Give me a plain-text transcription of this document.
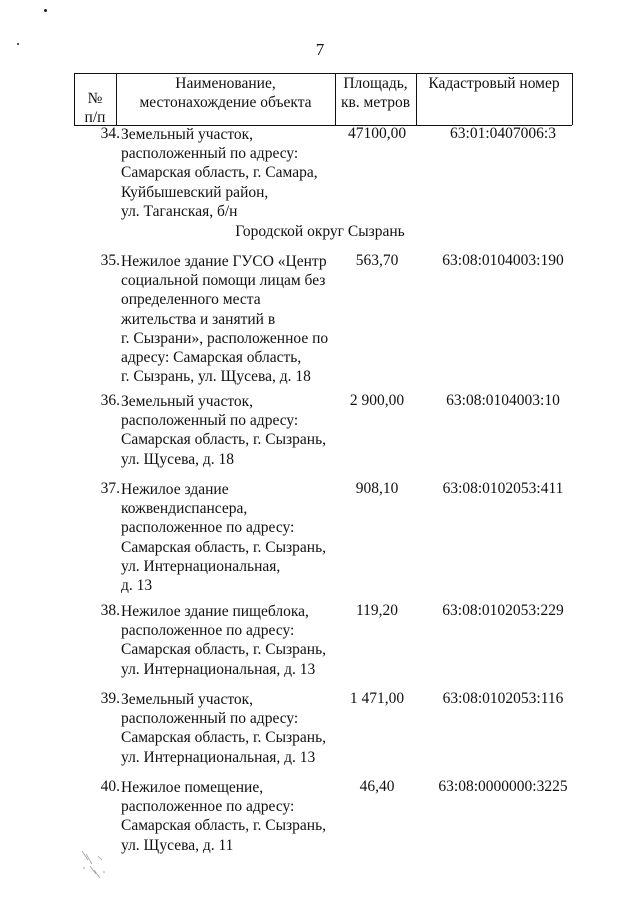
7
№
п/п
Наименование,
местонахождение объекта
Площадь,
кв. метров
Кадастровый номер
34. Земельный участок,
расположенный по адресу:
Самарская область, г. Самара,
Куйбышевский район,
ул. Таганская, б/н
47100,00	63:01:0407006:3
Городской округ Сызрань
35. Нежилое здание ГУСО «Центр
социальной помощи лицам без
определенного места
жительства и занятий в
г. Сызрани», расположенное по
адресу: Самарская область,
г. Сызрань, ул. Щусева, д. 18
563,70	63:08:0104003:190
36. Земельный участок,
расположенный по адресу:
Самарская область, г. Сызрань,
ул. Щусева, д. 18
2 900,00	63:08:0104003:10
37. Нежилое здание
кожвендиспансера,
расположенное по адресу:
Самарская область, г. Сызрань,
ул. Интернациональная,
д. 13
908,10	63:08:0102053:411
38. Нежилое здание пищеблока,
расположенное по адресу:
Самарская область, г. Сызрань,
ул. Интернациональная, д. 13
119,20	63:08:0102053:229
39. Земельный участок,
расположенный по адресу:
Самарская область, г. Сызрань,
ул. Интернациональная, д. 13
1 471,00	63:08:0102053:116
40. Нежилое помещение,
расположенное по адресу:
Самарская область, г. Сызрань,
ул. Щусева, д. 11
46,40	63:08:0000000:3225
